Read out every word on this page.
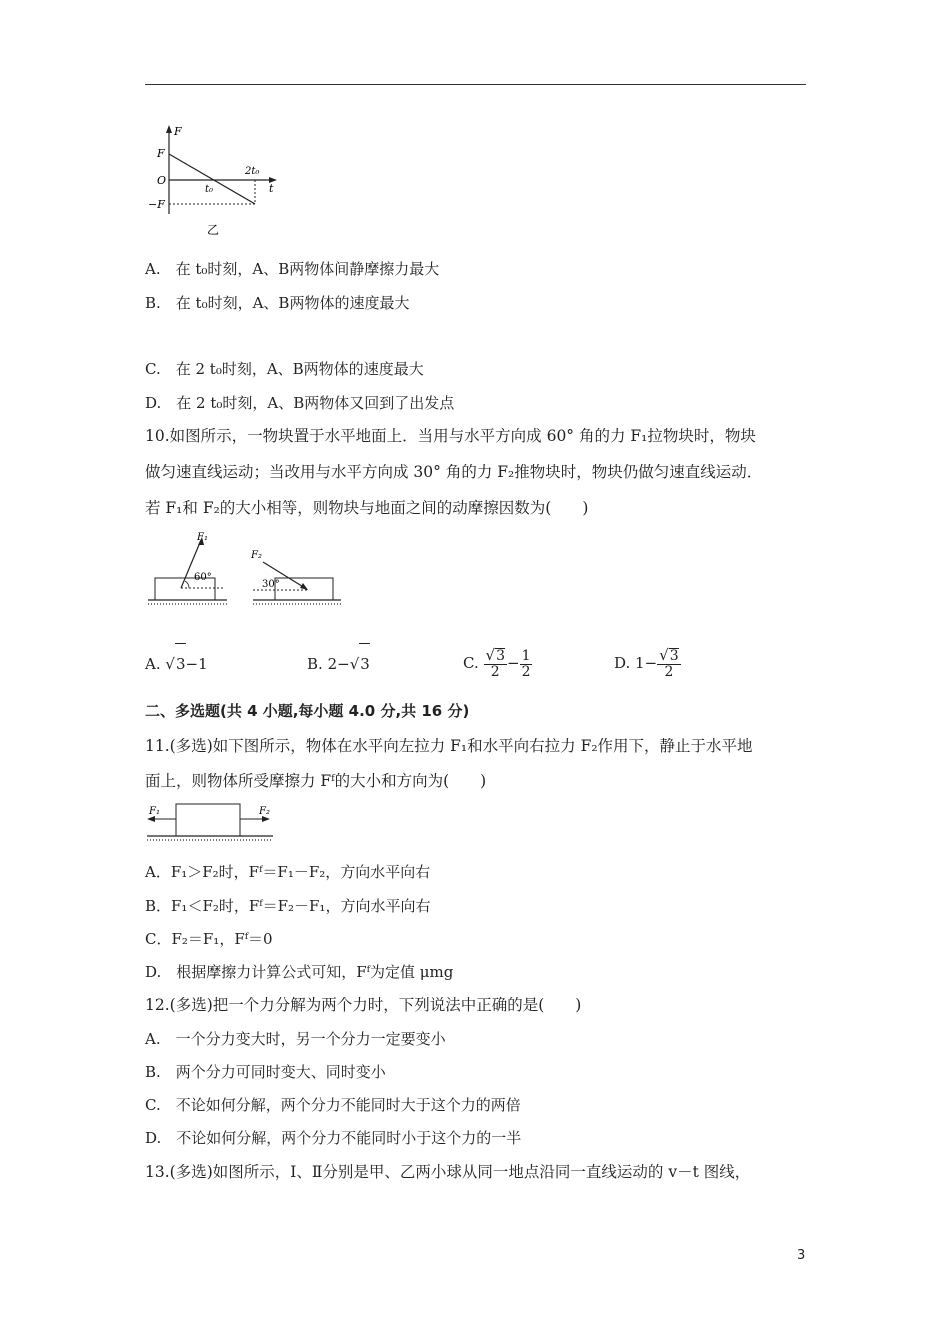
F
F
O
−F
t₀
2t₀
t
乙
A.　在 t₀时刻，A、B两物体间静摩擦力最大
B.　在 t₀时刻，A、B两物体的速度最大
C.　在 2 t₀时刻，A、B两物体的速度最大
D.　在 2 t₀时刻，A、B两物体又回到了出发点
10.如图所示，一物块置于水平地面上．当用与水平方向成 60° 角的力 F₁拉物块时，物块
做匀速直线运动；当改用与水平方向成 30° 角的力 F₂推物块时，物块仍做匀速直线运动．
若 F₁和 F₂的大小相等，则物块与地面之间的动摩擦因数为(　　)
F₁
60°
F₂
30°
A. √3−1	B. 2−√3	C. $\frac{√3}{2} - \frac{1}{2}$	D. $1- \frac{√3}{2}$
二、多选题(共 4 小题,每小题 4.0 分,共 16 分)
11.(多选)如下图所示，物体在水平向左拉力 F₁和水平向右拉力 F₂作用下，静止于水平地
面上，则物体所受摩擦力 Fᶠ的大小和方向为(　　)
F₁	F₂
A．F₁＞F₂时，Fᶠ＝F₁－F₂，方向水平向右
B．F₁＜F₂时，Fᶠ＝F₂－F₁，方向水平向右
C．F₂＝F₁，Fᶠ＝0
D.　根据摩擦力计算公式可知，Fᶠ为定值 μmg
12.(多选)把一个力分解为两个力时，下列说法中正确的是(　　)
A.　一个分力变大时，另一个分力一定要变小
B.　两个分力可同时变大、同时变小
C.　不论如何分解，两个分力不能同时大于这个力的两倍
D.　不论如何分解，两个分力不能同时小于这个力的一半
13.(多选)如图所示，Ⅰ、Ⅱ分别是甲、乙两小球从同一地点沿同一直线运动的 v－t 图线，
3
